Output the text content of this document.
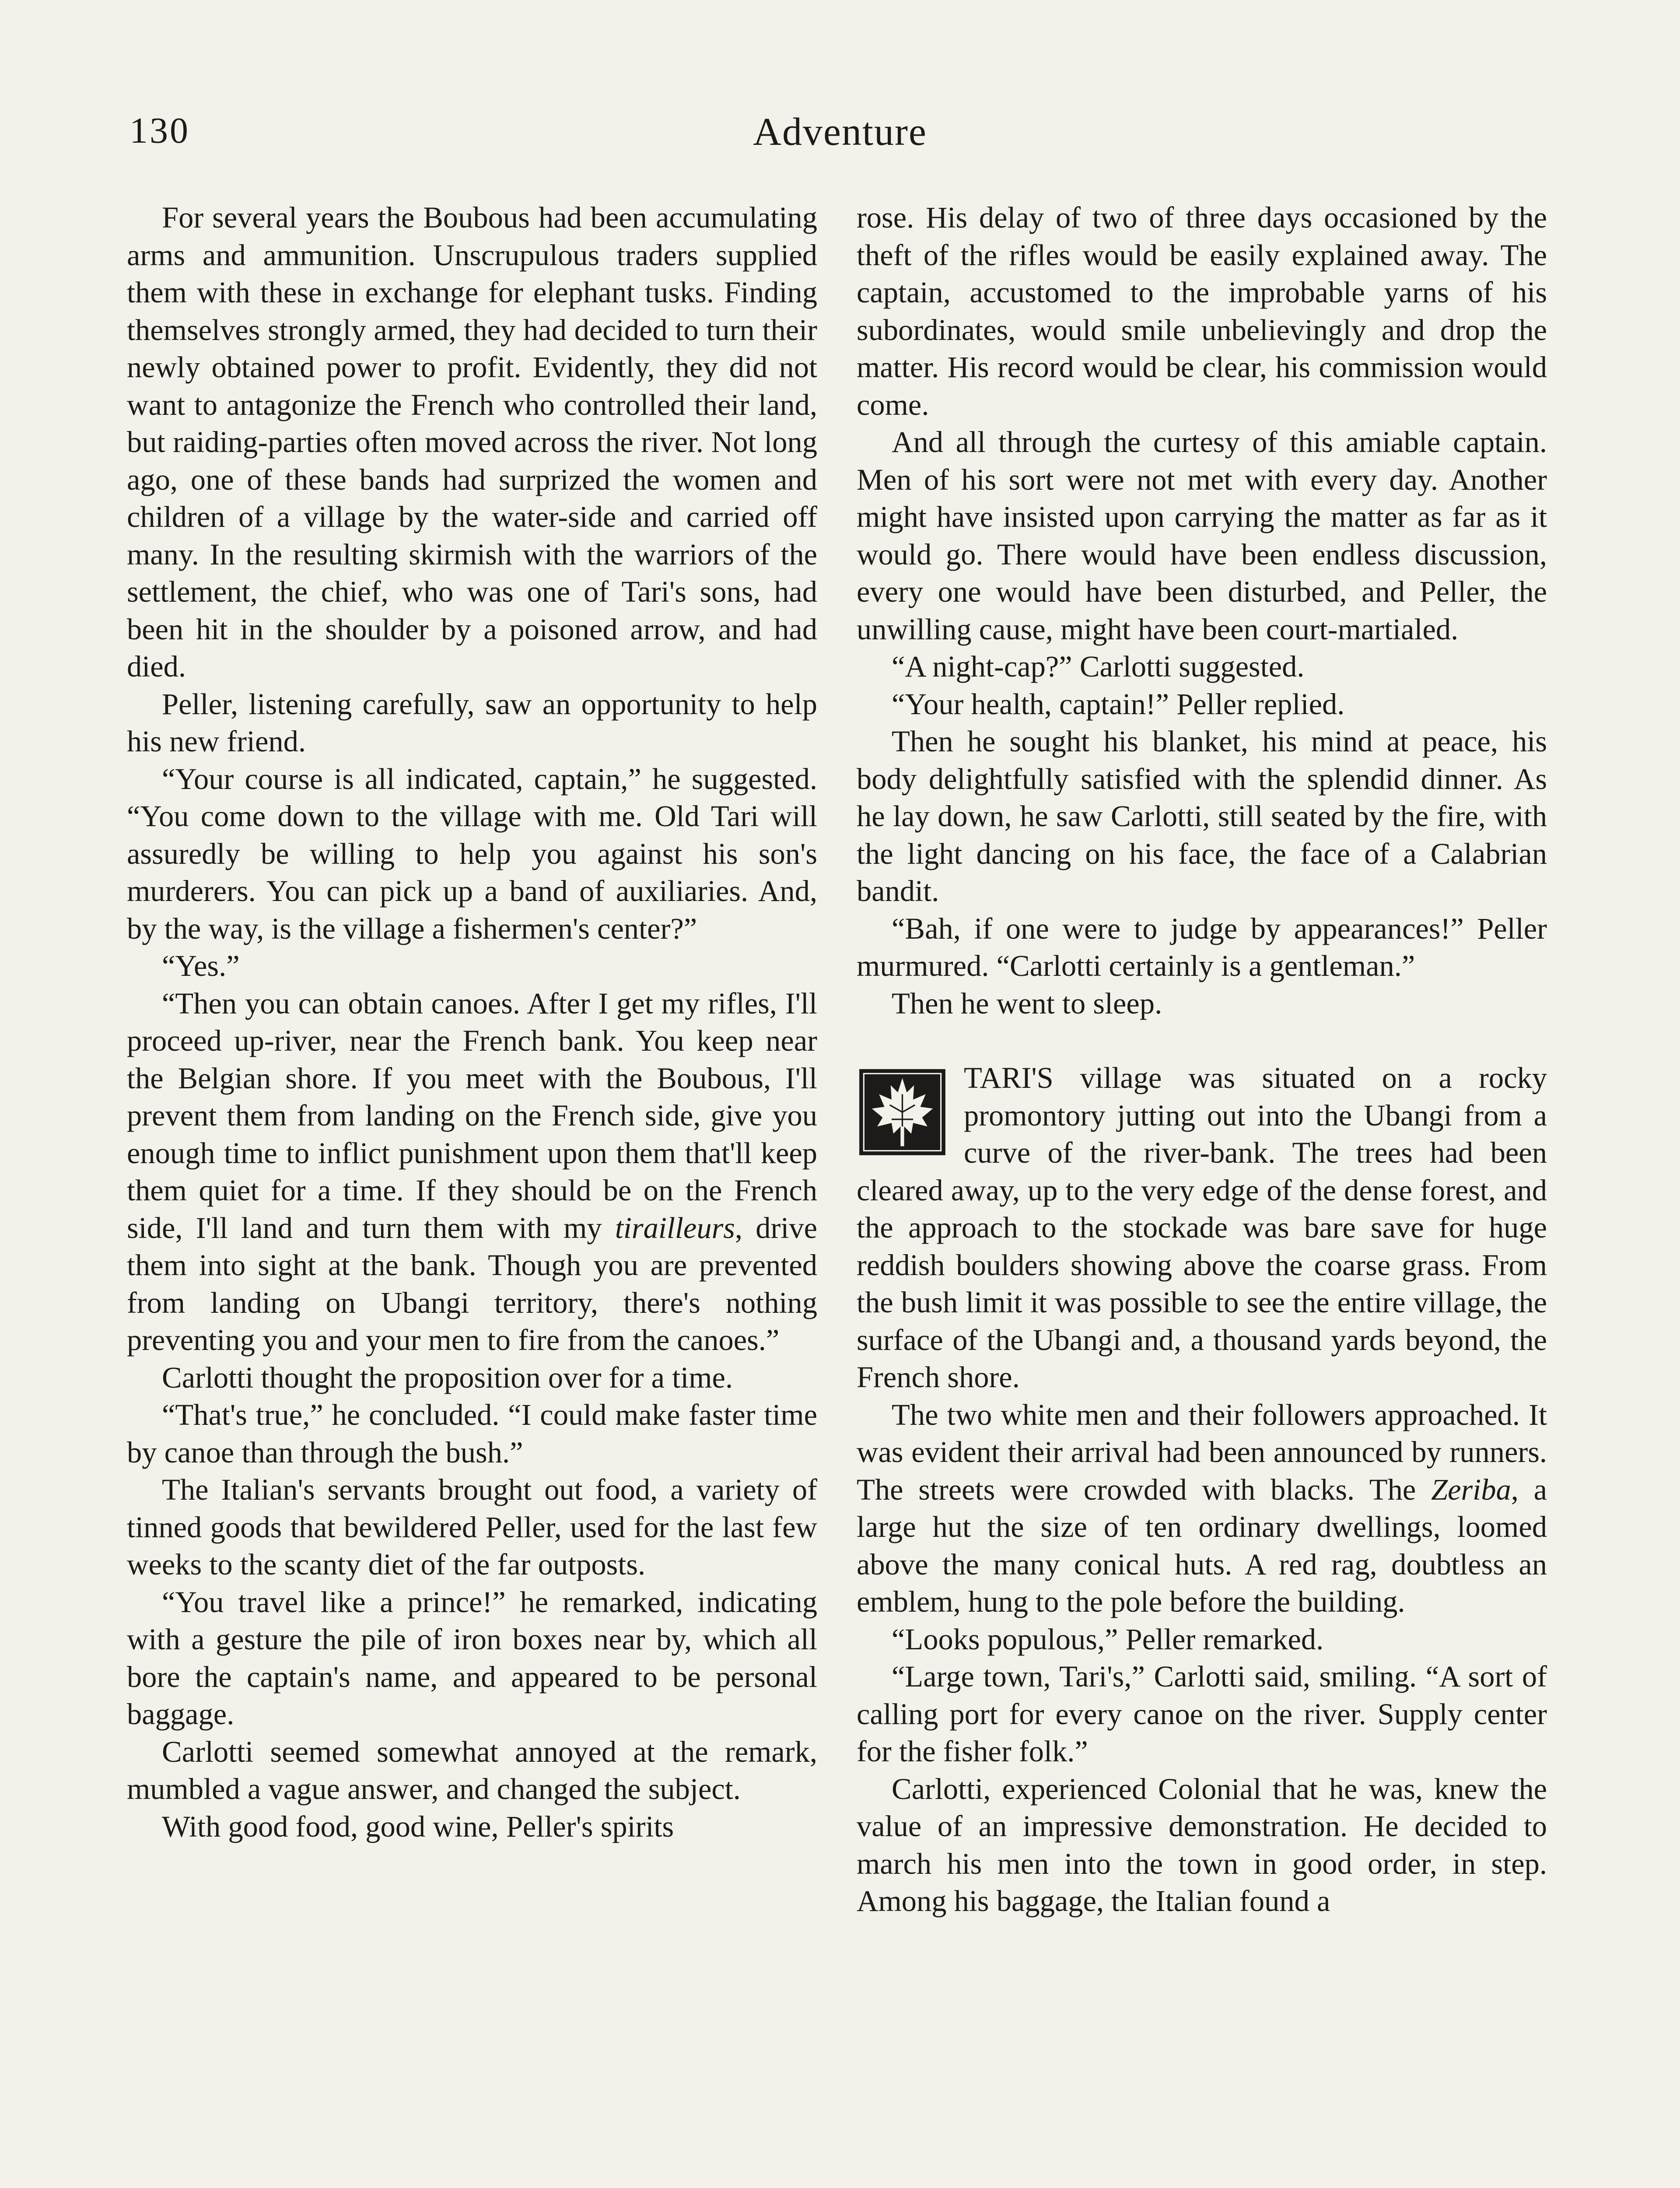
130	Adventure

For several years the Boubous had been accumulating arms and ammunition. Unscrupulous traders supplied them with these in exchange for elephant tusks. Finding themselves strongly armed, they had decided to turn their newly obtained power to profit. Evidently, they did not want to antagonize the French who controlled their land, but raiding-parties often moved across the river. Not long ago, one of these bands had surprized the women and children of a village by the water-side and carried off many. In the resulting skirmish with the warriors of the settlement, the chief, who was one of Tari's sons, had been hit in the shoulder by a poisoned arrow, and had died.

Peller, listening carefully, saw an opportunity to help his new friend.

“Your course is all indicated, captain,” he suggested. “You come down to the village with me. Old Tari will assuredly be willing to help you against his son's murderers. You can pick up a band of auxiliaries. And, by the way, is the village a fishermen's center?”

“Yes.”

“Then you can obtain canoes. After I get my rifles, I'll proceed up-river, near the French bank. You keep near the Belgian shore. If you meet with the Boubous, I'll prevent them from landing on the French side, give you enough time to inflict punishment upon them that'll keep them quiet for a time. If they should be on the French side, I'll land and turn them with my tirailleurs, drive them into sight at the bank. Though you are prevented from landing on Ubangi territory, there's nothing preventing you and your men to fire from the canoes.”

Carlotti thought the proposition over for a time.

“That's true,” he concluded. “I could make faster time by canoe than through the bush.”

The Italian's servants brought out food, a variety of tinned goods that bewildered Peller, used for the last few weeks to the scanty diet of the far outposts.

“You travel like a prince!” he remarked, indicating with a gesture the pile of iron boxes near by, which all bore the captain's name, and appeared to be personal baggage.

Carlotti seemed somewhat annoyed at the remark, mumbled a vague answer, and changed the subject.

With good food, good wine, Peller's spirits

rose. His delay of two of three days occasioned by the theft of the rifles would be easily explained away. The captain, accustomed to the improbable yarns of his subordinates, would smile unbelievingly and drop the matter. His record would be clear, his commission would come.

And all through the curtesy of this amiable captain. Men of his sort were not met with every day. Another might have insisted upon carrying the matter as far as it would go. There would have been endless discussion, every one would have been disturbed, and Peller, the unwilling cause, might have been court-martialed.

“A night-cap?” Carlotti suggested.

“Your health, captain!” Peller replied.

Then he sought his blanket, his mind at peace, his body delightfully satisfied with the splendid dinner. As he lay down, he saw Carlotti, still seated by the fire, with the light dancing on his face, the face of a Calabrian bandit.

“Bah, if one were to judge by appearances!” Peller murmured. “Carlotti certainly is a gentleman.”

Then he went to sleep.

TARI'S village was situated on a rocky promontory jutting out into the Ubangi from a curve of the river-bank. The trees had been cleared away, up to the very edge of the dense forest, and the approach to the stockade was bare save for huge reddish boulders showing above the coarse grass. From the bush limit it was possible to see the entire village, the surface of the Ubangi and, a thousand yards beyond, the French shore.

The two white men and their followers approached. It was evident their arrival had been announced by runners. The streets were crowded with blacks. The Zeriba, a large hut the size of ten ordinary dwellings, loomed above the many conical huts. A red rag, doubtless an emblem, hung to the pole before the building.

“Looks populous,” Peller remarked.

“Large town, Tari's,” Carlotti said, smiling. “A sort of calling port for every canoe on the river. Supply center for the fisher folk.”

Carlotti, experienced Colonial that he was, knew the value of an impressive demonstration. He decided to march his men into the town in good order, in step. Among his baggage, the Italian found a
